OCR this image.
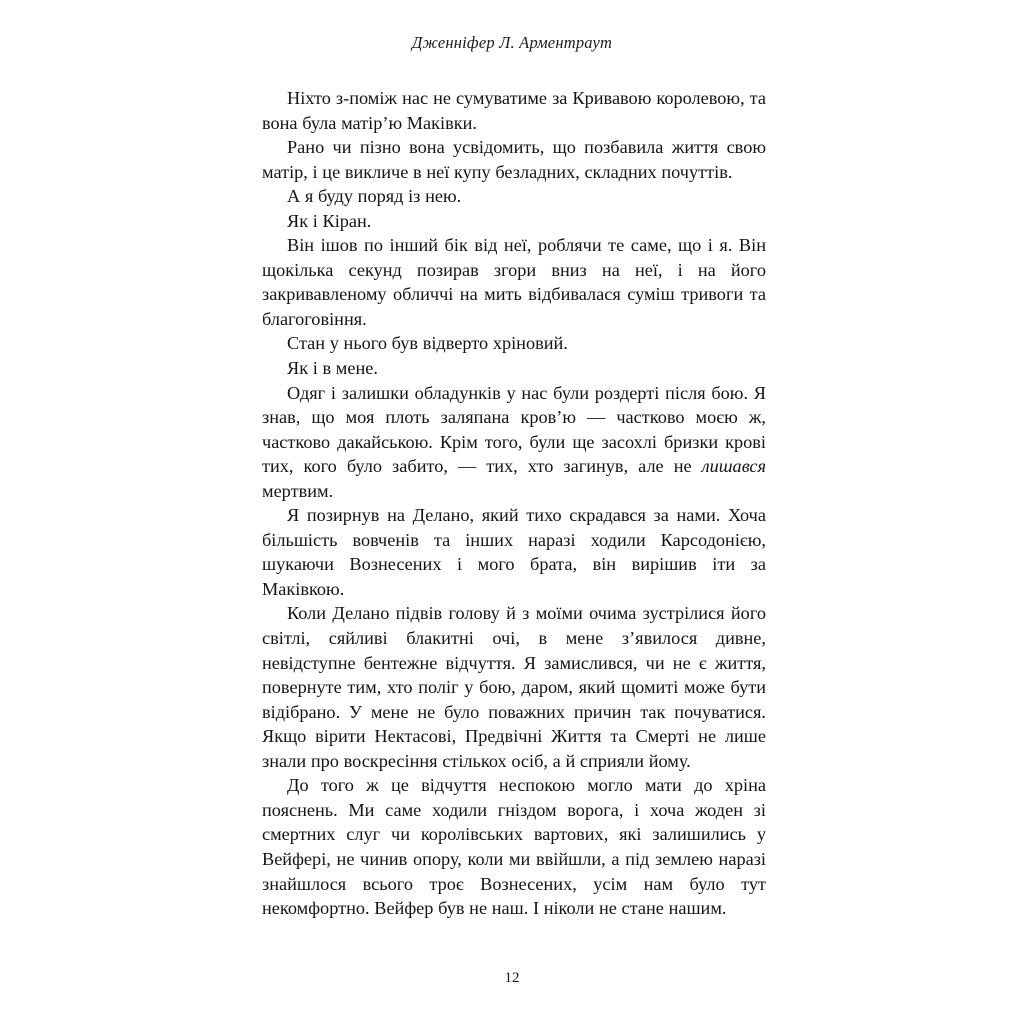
Дженніфер Л. Арментраут

Ніхто з-поміж нас не сумуватиме за Кривавою королевою, та вона була матір’ю Маківки.

Рано чи пізно вона усвідомить, що позбавила життя свою матір, і це викличе в неї купу безладних, складних почуттів.

А я буду поряд із нею.

Як і Кіран.

Він ішов по інший бік від неї, роблячи те саме, що і я. Він щокілька секунд позирав згори вниз на неї, і на його закривавленому обличчі на мить відбивалася суміш тривоги та благоговіння.

Стан у нього був відверто хріновий.

Як і в мене.

Одяг і залишки обладунків у нас були роздерті після бою. Я знав, що моя плоть заляпана кров’ю — частково моєю ж, частково дакайською. Крім того, були ще засохлі бризки крові тих, кого було забито, — тих, хто загинув, але не лишався мертвим.

Я позирнув на Делано, який тихо скрадався за нами. Хоча більшість вовченів та інших наразі ходили Карсодонією, шукаючи Вознесених і мого брата, він вирішив іти за Маківкою.

Коли Делано підвів голову й з моїми очима зустрілися його світлі, сяйливі блакитні очі, в мене з’явилося дивне, невідступне бентежне відчуття. Я замислився, чи не є життя, повернуте тим, хто поліг у бою, даром, який щомиті може бути відібрано. У мене не було поважних причин так почуватися. Якщо вірити Нектасові, Предвічні Життя та Смерті не лише знали про воскресіння стількох осіб, а й сприяли йому.

До того ж це відчуття неспокою могло мати до хріна пояснень. Ми саме ходили гніздом ворога, і хоча жоден зі смертних слуг чи королівських вартових, які залишились у Вейфері, не чинив опору, коли ми ввійшли, а під землею наразі знайшлося всього троє Вознесених, усім нам було тут некомфортно. Вейфер був не наш. І ніколи не стане нашим.

12
